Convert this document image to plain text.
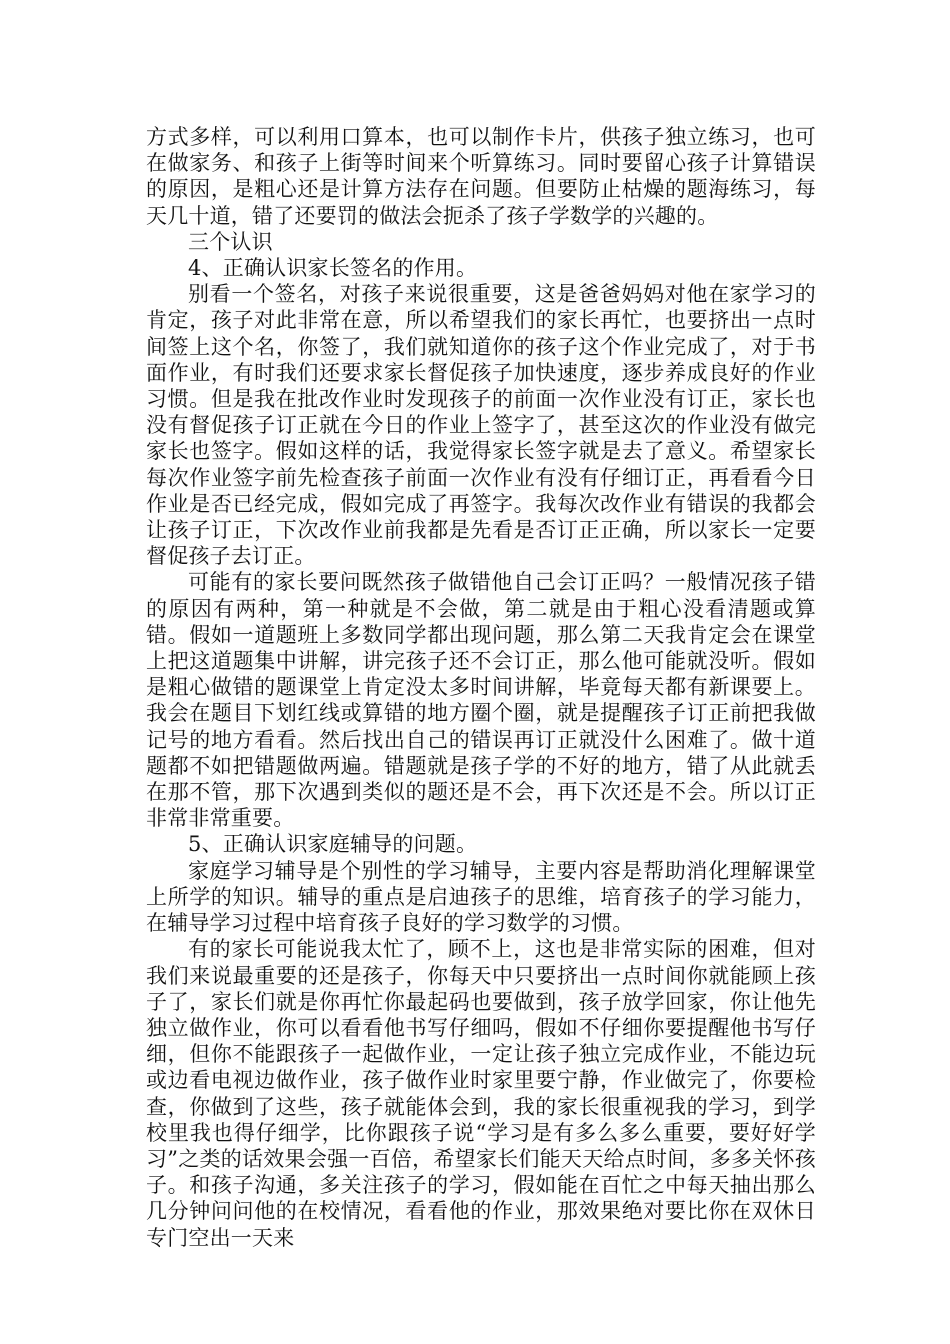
方式多样，可以利用口算本，也可以制作卡片，供孩子独立练习，也可在做家务、和孩子上街等时间来个听算练习。同时要留心孩子计算错误的原因，是粗心还是计算方法存在问题。但要防止枯燥的题海练习，每天几十道，错了还要罚的做法会扼杀了孩子学数学的兴趣的。

三个认识

4、正确认识家长签名的作用。

别看一个签名，对孩子来说很重要，这是爸爸妈妈对他在家学习的肯定，孩子对此非常在意，所以希望我们的家长再忙，也要挤出一点时间签上这个名，你签了，我们就知道你的孩子这个作业完成了，对于书面作业，有时我们还要求家长督促孩子加快速度，逐步养成良好的作业习惯。但是我在批改作业时发现孩子的前面一次作业没有订正，家长也没有督促孩子订正就在今日的作业上签字了，甚至这次的作业没有做完家长也签字。假如这样的话，我觉得家长签字就是去了意义。希望家长每次作业签字前先检查孩子前面一次作业有没有仔细订正，再看看今日作业是否已经完成，假如完成了再签字。我每次改作业有错误的我都会让孩子订正，下次改作业前我都是先看是否订正正确，所以家长一定要督促孩子去订正。

可能有的家长要问既然孩子做错他自己会订正吗？一般情况孩子错的原因有两种，第一种就是不会做，第二就是由于粗心没看清题或算错。假如一道题班上多数同学都出现问题，那么第二天我肯定会在课堂上把这道题集中讲解，讲完孩子还不会订正，那么他可能就没听。假如是粗心做错的题课堂上肯定没太多时间讲解，毕竟每天都有新课要上。我会在题目下划红线或算错的地方圈个圈，就是提醒孩子订正前把我做记号的地方看看。然后找出自己的错误再订正就没什么困难了。做十道题都不如把错题做两遍。错题就是孩子学的不好的地方，错了从此就丢在那不管，那下次遇到类似的题还是不会，再下次还是不会。所以订正非常非常重要。

5、正确认识家庭辅导的问题。

家庭学习辅导是个别性的学习辅导，主要内容是帮助消化理解课堂上所学的知识。辅导的重点是启迪孩子的思维，培育孩子的学习能力，在辅导学习过程中培育孩子良好的学习数学的习惯。

有的家长可能说我太忙了，顾不上，这也是非常实际的困难，但对我们来说最重要的还是孩子，你每天中只要挤出一点时间你就能顾上孩子了，家长们就是你再忙你最起码也要做到，孩子放学回家，你让他先独立做作业，你可以看看他书写仔细吗，假如不仔细你要提醒他书写仔细，但你不能跟孩子一起做作业，一定让孩子独立完成作业，不能边玩或边看电视边做作业，孩子做作业时家里要宁静，作业做完了，你要检查，你做到了这些，孩子就能体会到，我的家长很重视我的学习，到学校里我也得仔细学，比你跟孩子说“学习是有多么多么重要，要好好学习”之类的话效果会强一百倍，希望家长们能天天给点时间，多多关怀孩子。和孩子沟通，多关注孩子的学习，假如能在百忙之中每天抽出那么几分钟问问他的在校情况，看看他的作业，那效果绝对要比你在双休日专门空出一天来
